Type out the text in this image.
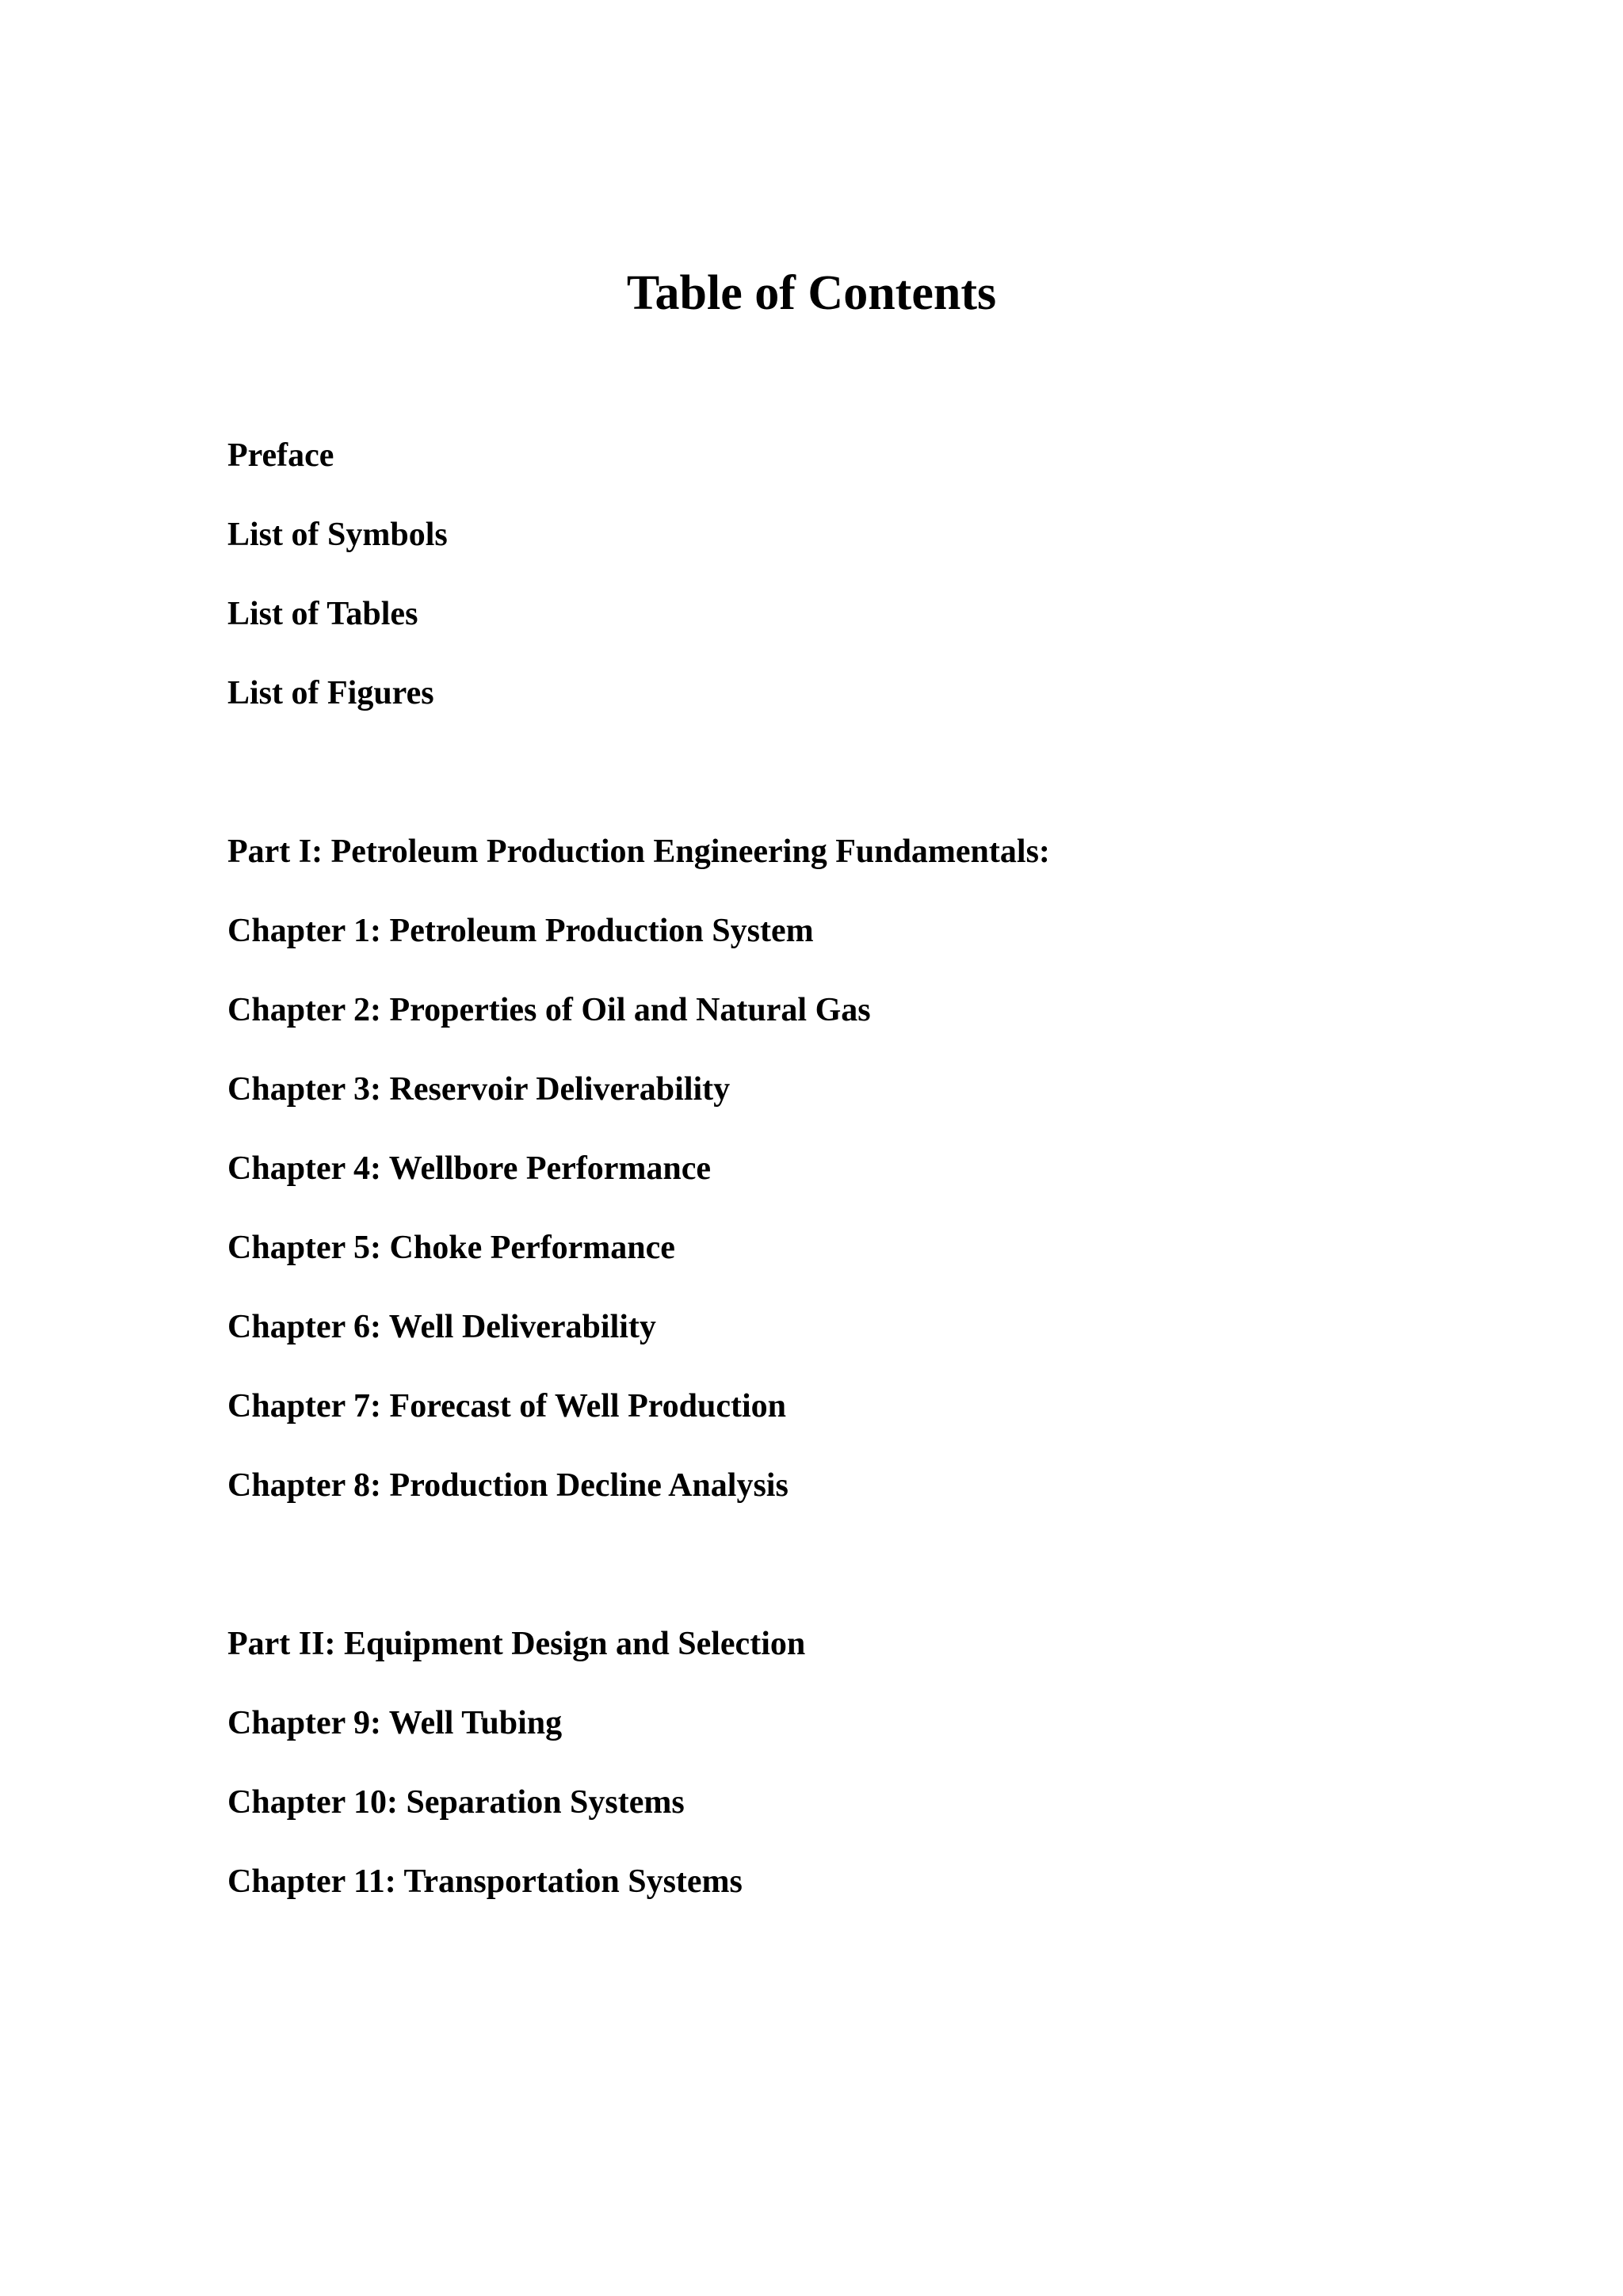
Table of Contents
Preface
List of Symbols
List of Tables
List of Figures
Part I: Petroleum Production Engineering Fundamentals:
Chapter 1: Petroleum Production System
Chapter 2: Properties of Oil and Natural Gas
Chapter 3: Reservoir Deliverability
Chapter 4: Wellbore Performance
Chapter 5: Choke Performance
Chapter 6: Well Deliverability
Chapter 7: Forecast of Well Production
Chapter 8: Production Decline Analysis
Part II: Equipment Design and Selection
Chapter 9: Well Tubing
Chapter 10: Separation Systems
Chapter 11: Transportation Systems
